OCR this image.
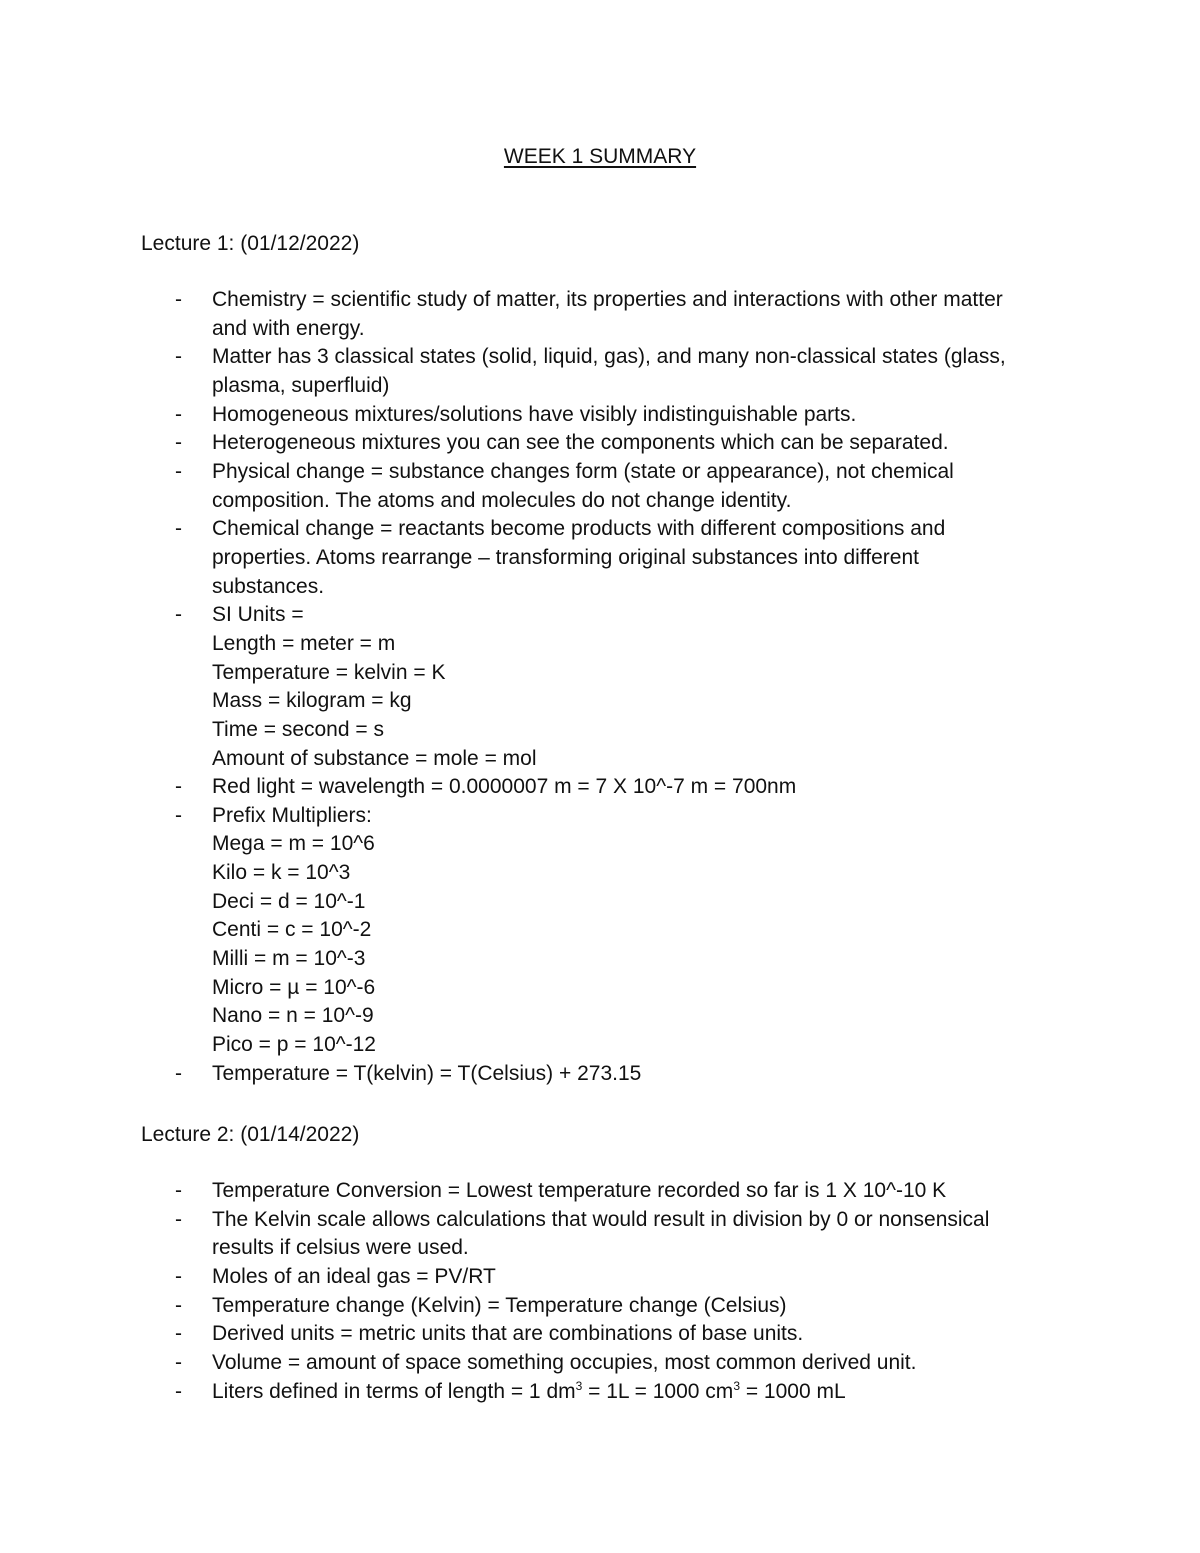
WEEK 1 SUMMARY
Lecture 1: (01/12/2022)
- Chemistry = scientific study of matter, its properties and interactions with other matter
and with energy.
- Matter has 3 classical states (solid, liquid, gas), and many non-classical states (glass,
plasma, superfluid)
- Homogeneous mixtures/solutions have visibly indistinguishable parts.
- Heterogeneous mixtures you can see the components which can be separated.
- Physical change = substance changes form (state or appearance), not chemical
composition. The atoms and molecules do not change identity.
- Chemical change = reactants become products with different compositions and
properties. Atoms rearrange – transforming original substances into different
substances.
- SI Units =
Length = meter = m
Temperature = kelvin = K
Mass = kilogram = kg
Time = second = s
Amount of substance = mole = mol
- Red light = wavelength = 0.0000007 m = 7 X 10^-7 m = 700nm
- Prefix Multipliers:
Mega = m = 10^6
Kilo = k = 10^3
Deci = d = 10^-1
Centi = c = 10^-2
Milli = m = 10^-3
Micro = µ = 10^-6
Nano = n = 10^-9
Pico = p = 10^-12
- Temperature = T(kelvin) = T(Celsius) + 273.15
Lecture 2: (01/14/2022)
- Temperature Conversion = Lowest temperature recorded so far is 1 X 10^-10 K
- The Kelvin scale allows calculations that would result in division by 0 or nonsensical
results if celsius were used.
- Moles of an ideal gas = PV/RT
- Temperature change (Kelvin) = Temperature change (Celsius)
- Derived units = metric units that are combinations of base units.
- Volume = amount of space something occupies, most common derived unit.
- Liters defined in terms of length = 1 $dm^3 = 1L = 1000$ $cm^3 = 1000$ mL
